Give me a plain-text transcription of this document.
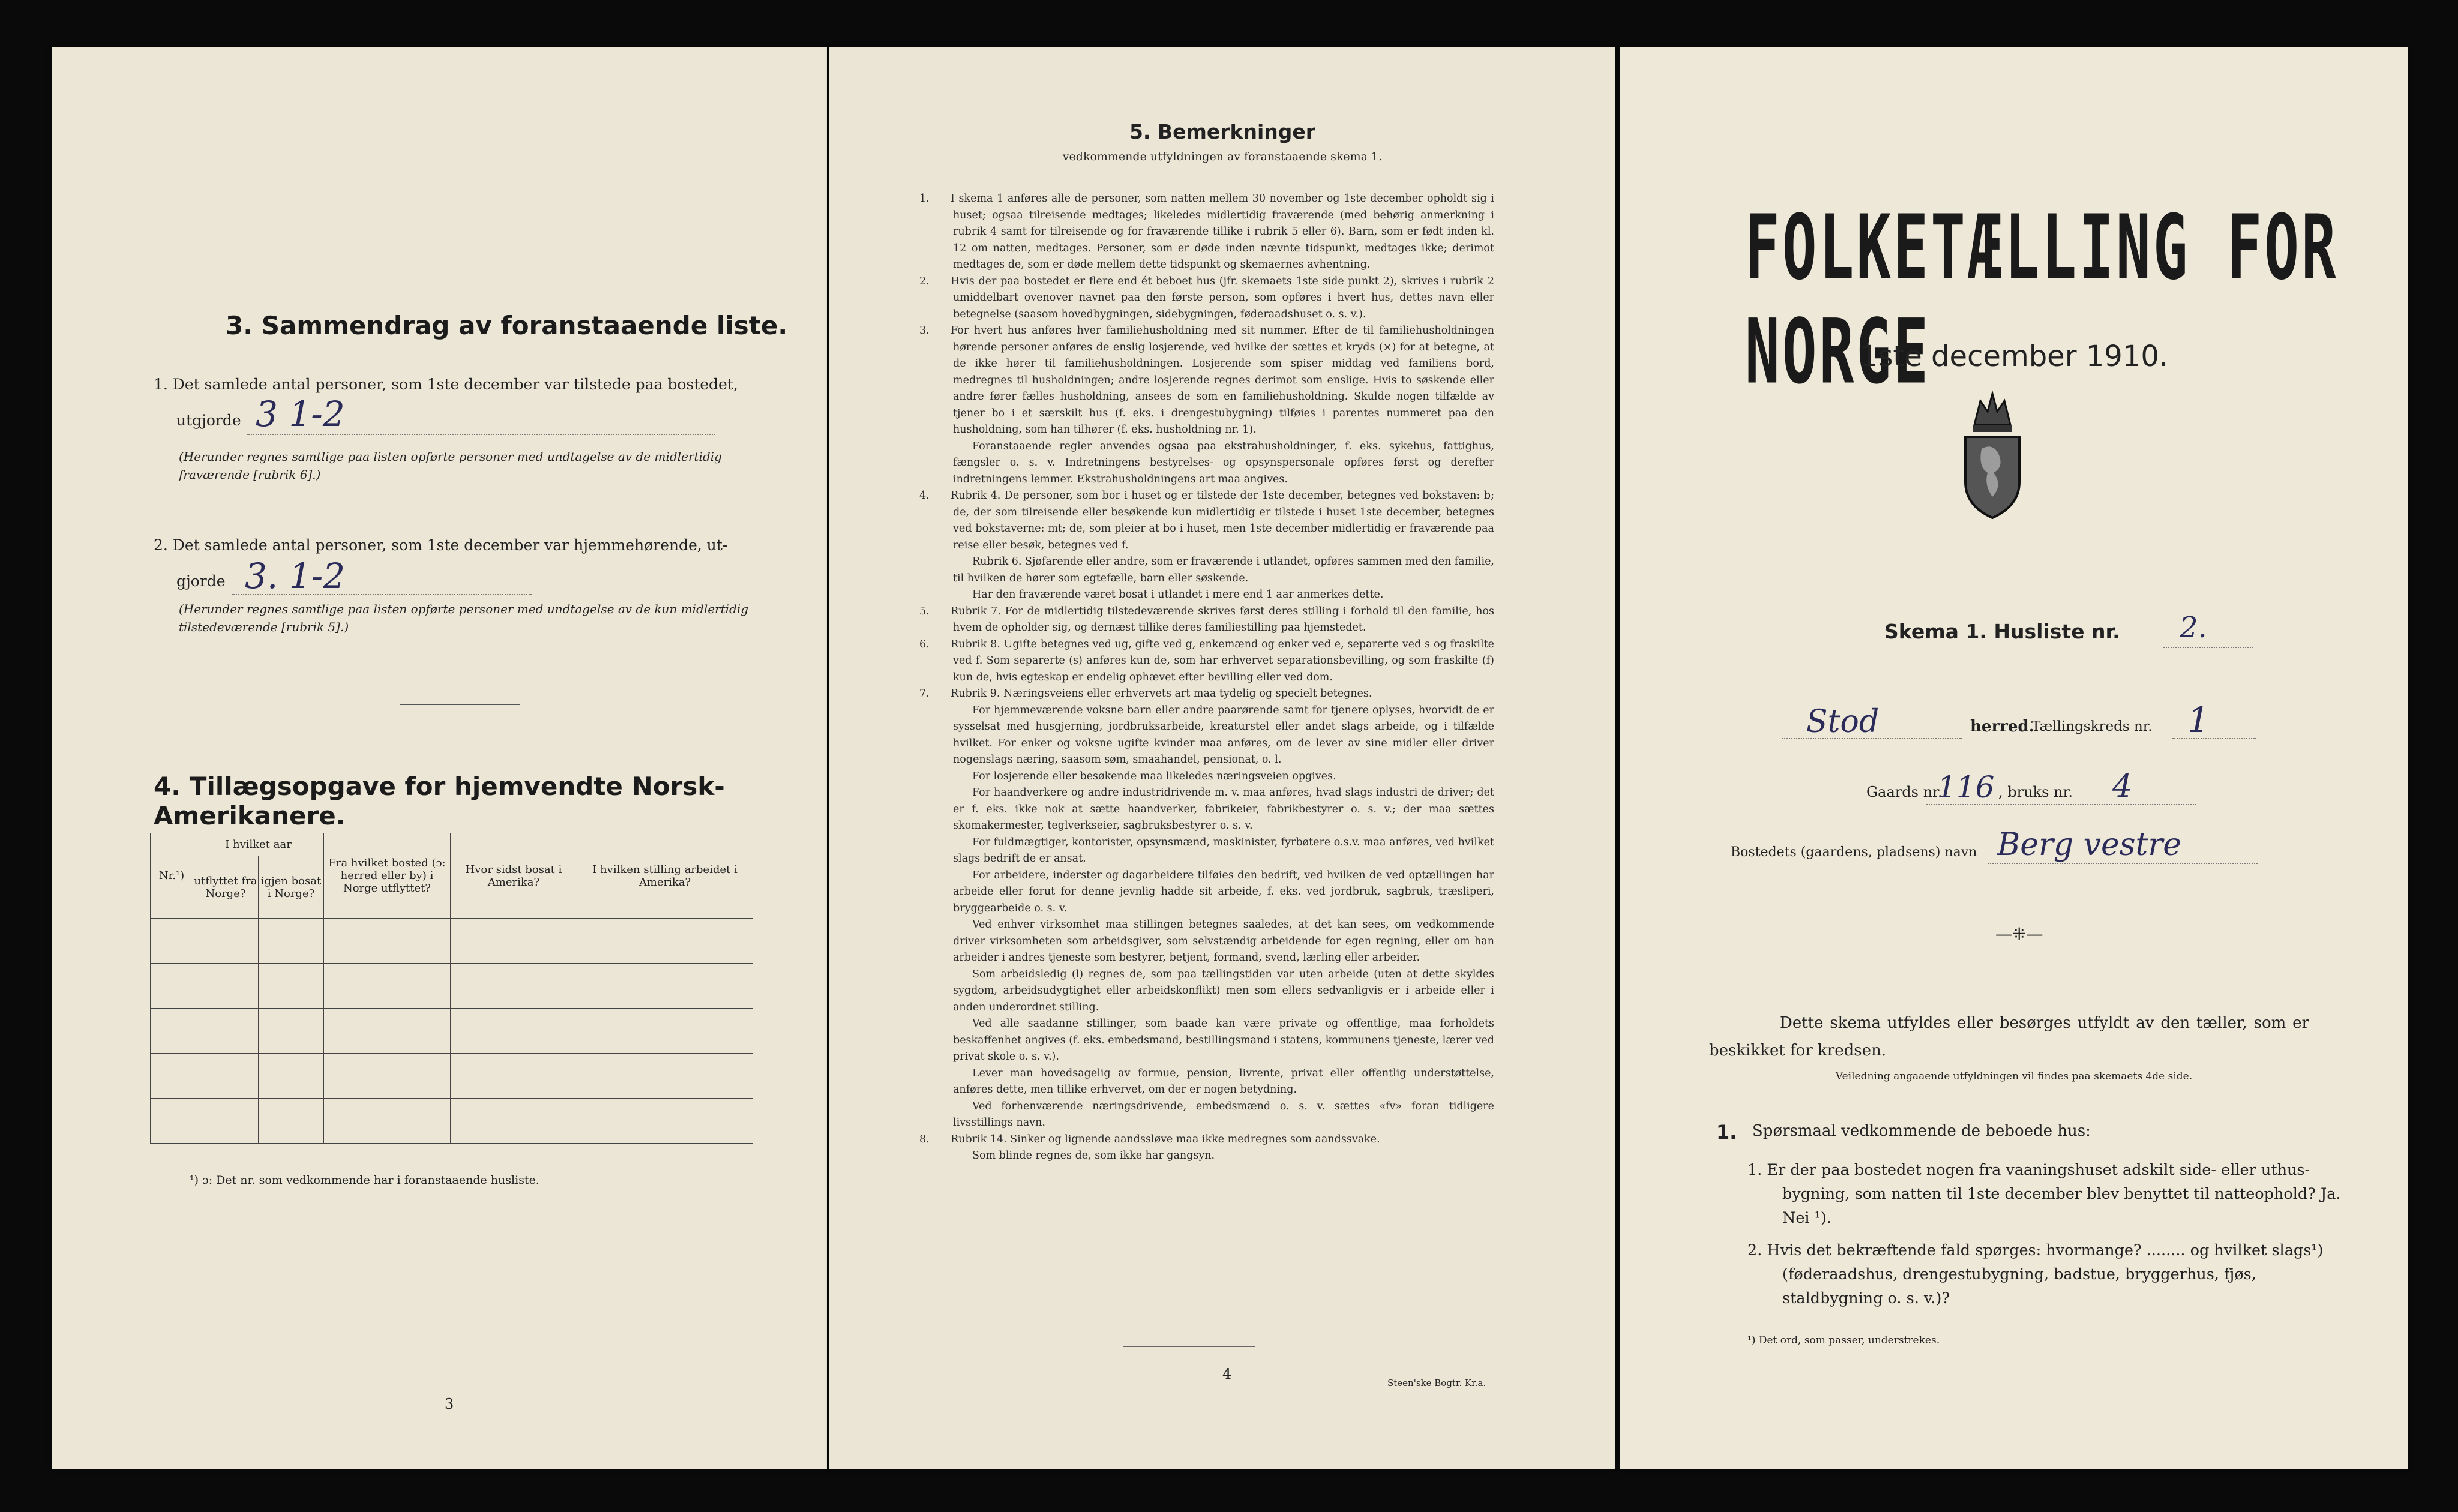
3. Sammendrag av foranstaaende liste.
1. Det samlede antal personer, som 1ste december var tilstede paa bostedet,
utgjorde 3 1-2
(Herunder regnes samtlige paa listen opførte personer med undtagelse av de midlertidig fraværende [rubrik 6].)
2. Det samlede antal personer, som 1ste december var hjemmehørende, ut-
gjorde 3. 1-2
(Herunder regnes samtlige paa listen opførte personer med undtagelse av de kun midlertidig tilstedeværende [rubrik 5].)
4. Tillægsopgave for hjemvendte Norsk-Amerikanere.
Nr.¹)	I hvilket aar		Fra hvilket bosted (ɔ: herred eller by) i Norge utflyttet?	Hvor sidst bosat i Amerika?	I hvilken stilling arbeidet i Amerika?
	utflyttet fra Norge?	igjen bosat i Norge?			

¹) ɔ: Det nr. som vedkommende har i foranstaaende husliste.
3
5. Bemerkninger
vedkommende utfyldningen av foranstaaende skema 1.

1. I skema 1 anføres alle de personer, som natten mellem 30 november og 1ste december opholdt sig i huset; ogsaa tilreisende medtages; likeledes midlertidig fraværende (med behørig anmerkning i rubrik 4 samt for tilreisende og for fraværende tillike i rubrik 5 eller 6). Barn, som er født inden kl. 12 om natten, medtages. Personer, som er døde inden nævnte tidspunkt, medtages ikke; derimot medtages de, som er døde mellem dette tidspunkt og skemaernes avhentning.

2. Hvis der paa bostedet er flere end ét beboet hus (jfr. skemaets 1ste side punkt 2), skrives i rubrik 2 umiddelbart ovenover navnet paa den første person, som opføres i hvert hus, dettes navn eller betegnelse (saasom hovedbygningen, sidebygningen, føderaadshuset o. s. v.).

3. For hvert hus anføres hver familiehusholdning med sit nummer. Efter de til familiehusholdningen hørende personer anføres de enslig losjerende, ved hvilke der sættes et kryds (×) for at betegne, at de ikke hører til familiehusholdningen. Losjerende som spiser middag ved familiens bord, medregnes til husholdningen; andre losjerende regnes derimot som enslige. Hvis to søskende eller andre fører fælles husholdning, ansees de som en familiehusholdning. Skulde nogen tilfælde av tjener bo i et særskilt hus (f. eks. i drengestubygning) tilføies i parentes nummeret paa den husholdning, som han tilhører (f. eks. husholdning nr. 1).

Foranstaaende regler anvendes ogsaa paa ekstrahusholdninger, f. eks. sykehus, fattighus, fængsler o. s. v. Indretningens bestyrelses- og opsynspersonale opføres først og derefter indretningens lemmer. Ekstrahusholdningens art maa angives.

4. Rubrik 4. De personer, som bor i huset og er tilstede der 1ste december, betegnes ved bokstaven: b; de, der som tilreisende eller besøkende kun midlertidig er tilstede i huset 1ste december, betegnes ved bokstaverne: mt; de, som pleier at bo i huset, men 1ste december midlertidig er fraværende paa reise eller besøk, betegnes ved f.

Rubrik 6. Sjøfarende eller andre, som er fraværende i utlandet, opføres sammen med den familie, til hvilken de hører som egtefælle, barn eller søskende.

Har den fraværende været bosat i utlandet i mere end 1 aar anmerkes dette.

5. Rubrik 7. For de midlertidig tilstedeværende skrives først deres stilling i forhold til den familie, hos hvem de opholder sig, og dernæst tillike deres familiestilling paa hjemstedet.

6. Rubrik 8. Ugifte betegnes ved ug, gifte ved g, enkemænd og enker ved e, separerte ved s og fraskilte ved f. Som separerte (s) anføres kun de, som har erhvervet separationsbevilling, og som fraskilte (f) kun de, hvis egteskap er endelig ophævet efter bevilling eller ved dom.

7. Rubrik 9. Næringsveiens eller erhvervets art maa tydelig og specielt betegnes.

For hjemmeværende voksne barn eller andre paarørende samt for tjenere oplyses, hvorvidt de er sysselsat med husgjerning, jordbruksarbeide, kreaturstel eller andet slags arbeide, og i tilfælde hvilket. For enker og voksne ugifte kvinder maa anføres, om de lever av sine midler eller driver nogenslags næring, saasom søm, smaahandel, pensionat, o. l.

For losjerende eller besøkende maa likeledes næringsveien opgives.

For haandverkere og andre industridrivende m. v. maa anføres, hvad slags industri de driver; det er f. eks. ikke nok at sætte haandverker, fabrikeier, fabrikbestyrer o. s. v.; der maa sættes skomakermester, teglverkseier, sagbruksbestyrer o. s. v.

For fuldmægtiger, kontorister, opsynsmænd, maskinister, fyrbøtere o.s.v. maa anføres, ved hvilket slags bedrift de er ansat.

For arbeidere, inderster og dagarbeidere tilføies den bedrift, ved hvilken de ved optællingen har arbeide eller forut for denne jevnlig hadde sit arbeide, f. eks. ved jordbruk, sagbruk, træsliperi, bryggearbeide o. s. v.

Ved enhver virksomhet maa stillingen betegnes saaledes, at det kan sees, om vedkommende driver virksomheten som arbeidsgiver, som selvstændig arbeidende for egen regning, eller om han arbeider i andres tjeneste som bestyrer, betjent, formand, svend, lærling eller arbeider.

Som arbeidsledig (l) regnes de, som paa tællingstiden var uten arbeide (uten at dette skyldes sygdom, arbeidsudygtighet eller arbeidskonflikt) men som ellers sedvanligvis er i arbeide eller i anden underordnet stilling.

Ved alle saadanne stillinger, som baade kan være private og offentlige, maa forholdets beskaffenhet angives (f. eks. embedsmand, bestillingsmand i statens, kommunens tjeneste, lærer ved privat skole o. s. v.).

Lever man hovedsagelig av formue, pension, livrente, privat eller offentlig understøttelse, anføres dette, men tillike erhvervet, om der er nogen betydning.

Ved forhenværende næringsdrivende, embedsmænd o. s. v. sættes «fv» foran tidligere livsstillings navn.

8. Rubrik 14. Sinker og lignende aandssløve maa ikke medregnes som aandssvake.

Som blinde regnes de, som ikke har gangsyn.

4
Steen'ske Bogtr. Kr.a.
FOLKETÆLLING FOR NORGE
1ste december 1910.
Skema 1. Husliste nr. 2.
Stod	herred.
Tællingskreds nr. 1
Gaards nr.
116 , bruks nr. 4
Bostedets (gaardens, pladsens) navn Berg vestre
—⁜—
Dette skema utfyldes eller besørges utfyldt av den tæller, som er beskikket for kredsen.
Veiledning angaaende utfyldningen vil findes paa skemaets 4de side.
1. Spørsmaal vedkommende de beboede hus:
1. Er der paa bostedet nogen fra vaaningshuset adskilt side- eller uthus-bygning, som natten til 1ste december blev benyttet til natteophold? Ja. Nei ¹).
2. Hvis det bekræftende fald spørges: hvormange? ........ og hvilket slags¹) (føderaadshus, drengestubygning, badstue, bryggerhus, fjøs, staldbygning o. s. v.)?
¹) Det ord, som passer, understrekes.
